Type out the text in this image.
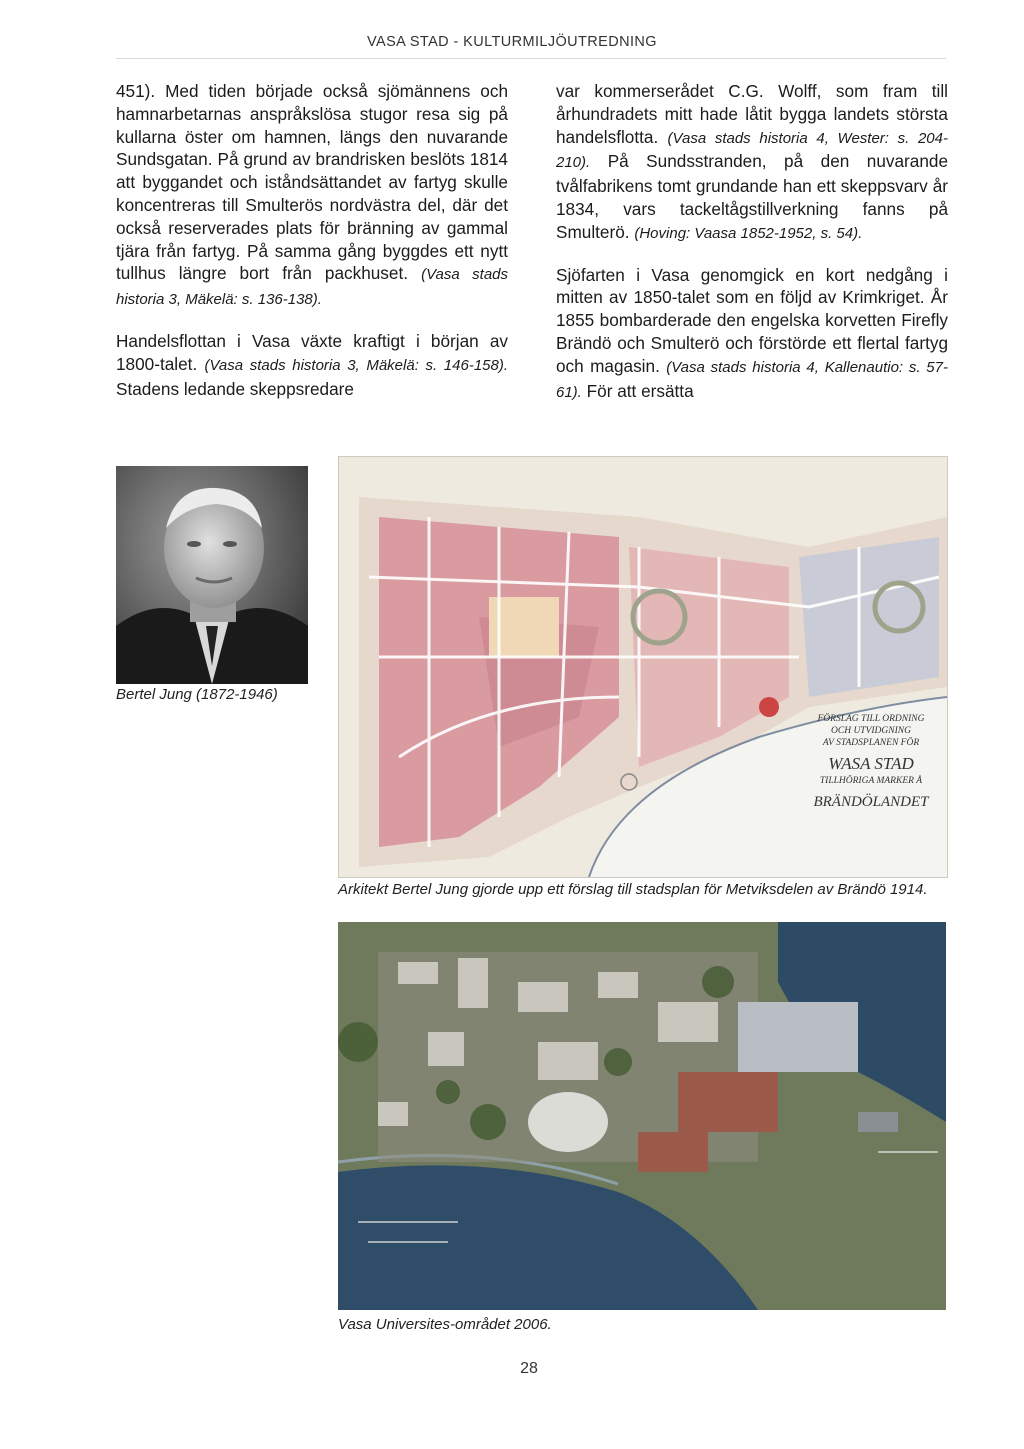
VASA STAD - KULTURMILJÖUTREDNING

451). Med tiden började också sjömännens och hamnarbetarnas anspråkslösa stugor resa sig på kullarna öster om hamnen, längs den nuvarande Sundsgatan. På grund av brandrisken beslöts 1814 att byggandet och iståndsättandet av fartyg skulle koncentreras till Smulterös nordvästra del, där det också reserverades plats för bränning av gammal tjära från fartyg. På samma gång byggdes ett nytt tullhus längre bort från packhuset. (Vasa stads historia 3, Mäkelä: s. 136-138).

Handelsflottan i Vasa växte kraftigt i början av 1800-talet. (Vasa stads historia 3, Mäkelä: s. 146-158). Stadens ledande skeppsredare

var kommerserådet C.G. Wolff, som fram till århundradets mitt hade låtit bygga landets största handelsflotta. (Vasa stads historia 4, Wester: s. 204-210). På Sundsstranden, på den nuvarande tvålfabrikens tomt grundande han ett skeppsvarv år 1834, vars tackeltågstillverkning fanns på Smulterö. (Hoving: Vaasa 1852-1952, s. 54).

Sjöfarten i Vasa genomgick en kort nedgång i mitten av 1850-talet som en följd av Krimkriget. År 1855 bombarderade den engelska korvetten Firefly Brändö och Smulterö och förstörde ett flertal fartyg och magasin. (Vasa stads historia 4, Kallenautio: s. 57-61). För att ersätta

Bertel Jung (1872-1946)
FÖRSLAG TILL ORDNING
OCH UTVIDGNING
AV STADSPLANEN FÖR
WASA STAD
TILLHÖRIGA MARKER Å
BRÄNDÖLANDET
Arkitekt Bertel Jung gjorde upp ett förslag till stadsplan för Metviksdelen av Brändö 1914.
Vasa Universites-området 2006.
28
